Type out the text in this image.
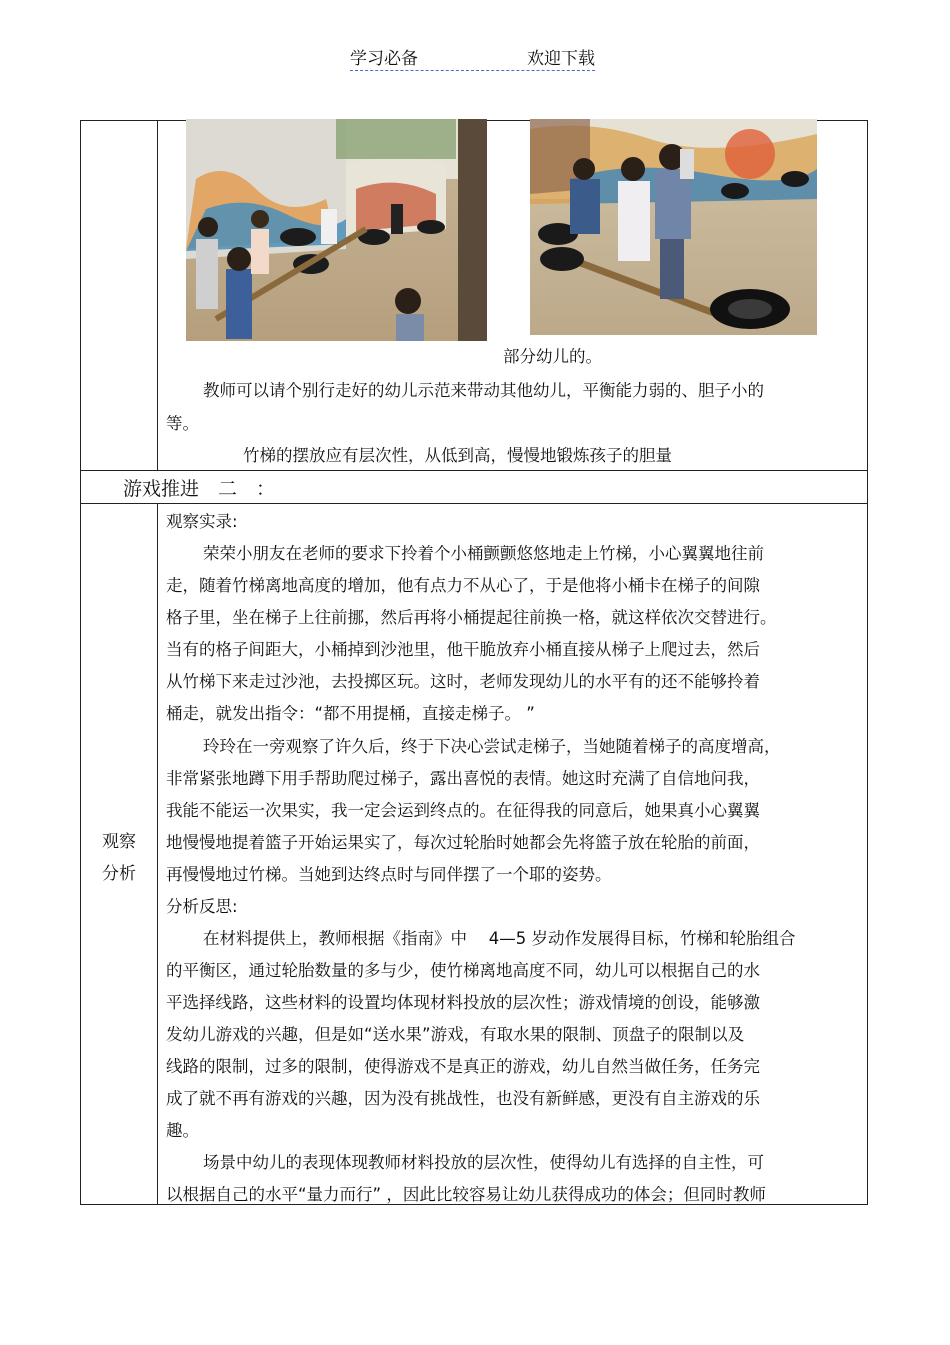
学习必备	欢迎下载
部分幼儿的。
教师可以请个别行走好的幼儿示范来带动其他幼儿，平衡能力弱的、胆子小的
等。
竹梯的摆放应有层次性，从低到高，慢慢地锻炼孩子的胆量
游戏推进　二　：
观察
分析
观察实录:
荣荣小朋友在老师的要求下拎着个小桶颤颤悠悠地走上竹梯，小心翼翼地往前
走，随着竹梯离地高度的增加，他有点力不从心了，于是他将小桶卡在梯子的间隙
格子里，坐在梯子上往前挪，然后再将小桶提起往前换一格，就这样依次交替进行。
当有的格子间距大，小桶掉到沙池里，他干脆放弃小桶直接从梯子上爬过去，然后
从竹梯下来走过沙池，去投掷区玩。这时，老师发现幼儿的水平有的还不能够拎着
桶走，就发出指令：“都不用提桶，直接走梯子。 ”
玲玲在一旁观察了许久后，终于下决心尝试走梯子，当她随着梯子的高度增高，
非常紧张地蹲下用手帮助爬过梯子，露出喜悦的表情。她这时充满了自信地问我，
我能不能运一次果实，我一定会运到终点的。在征得我的同意后，她果真小心翼翼
地慢慢地提着篮子开始运果实了，每次过轮胎时她都会先将篮子放在轮胎的前面，
再慢慢地过竹梯。当她到达终点时与同伴摆了一个耶的姿势。
分析反思:
在材料提供上，教师根据《指南》中　 4—5 岁动作发展得目标，竹梯和轮胎组合
的平衡区，通过轮胎数量的多与少，使竹梯离地高度不同，幼儿可以根据自己的水
平选择线路，这些材料的设置均体现材料投放的层次性；游戏情境的创设，能够激
发幼儿游戏的兴趣，但是如“送水果”游戏，有取水果的限制、顶盘子的限制以及
线路的限制，过多的限制，使得游戏不是真正的游戏，幼儿自然当做任务，任务完
成了就不再有游戏的兴趣，因为没有挑战性，也没有新鲜感，更没有自主游戏的乐
趣。
场景中幼儿的表现体现教师材料投放的层次性，使得幼儿有选择的自主性，可
以根据自己的水平“量力而行” ，因此比较容易让幼儿获得成功的体会；但同时教师
